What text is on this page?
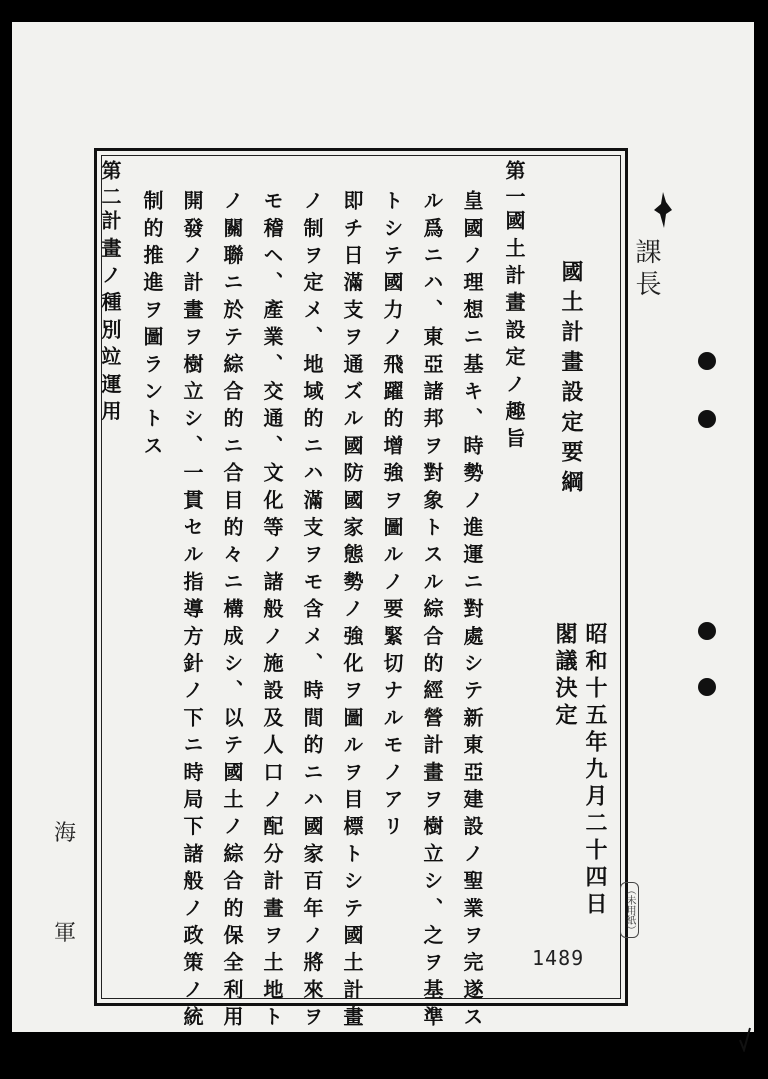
第一
國土計畫設定ノ趣旨
皇國ノ理想ニ基キ、時勢ノ進運ニ對處シテ新東亞建設ノ聖業ヲ完遂ス
ル爲ニハ、東亞諸邦ヲ對象トスル綜合的經營計畫ヲ樹立シ、之ヲ基準
トシテ國力ノ飛躍的增強ヲ圖ルノ要緊切ナルモノアリ
即チ日滿支ヲ通ズル國防國家態勢ノ強化ヲ圖ルヲ目標トシテ國土計畫
ノ制ヲ定メ、地域的ニハ滿支ヲモ含メ、時間的ニハ國家百年ノ將來ヲ
モ稽ヘ、產業、交通、文化等ノ諸般ノ施設及人口ノ配分計畫ヲ土地ト
ノ關聯ニ於テ綜合的ニ合目的々ニ構成シ、以テ國土ノ綜合的保全利用
開發ノ計畫ヲ樹立シ、一貫セル指導方針ノ下ニ時局下諸般ノ政策ノ統
制的推進ヲ圖ラントス
第二
計畫ノ種別竝運用	國土計畫設定要綱
昭和十五年九月二十四日
閣議決定
1489
課長
（未用紙）
海
軍
